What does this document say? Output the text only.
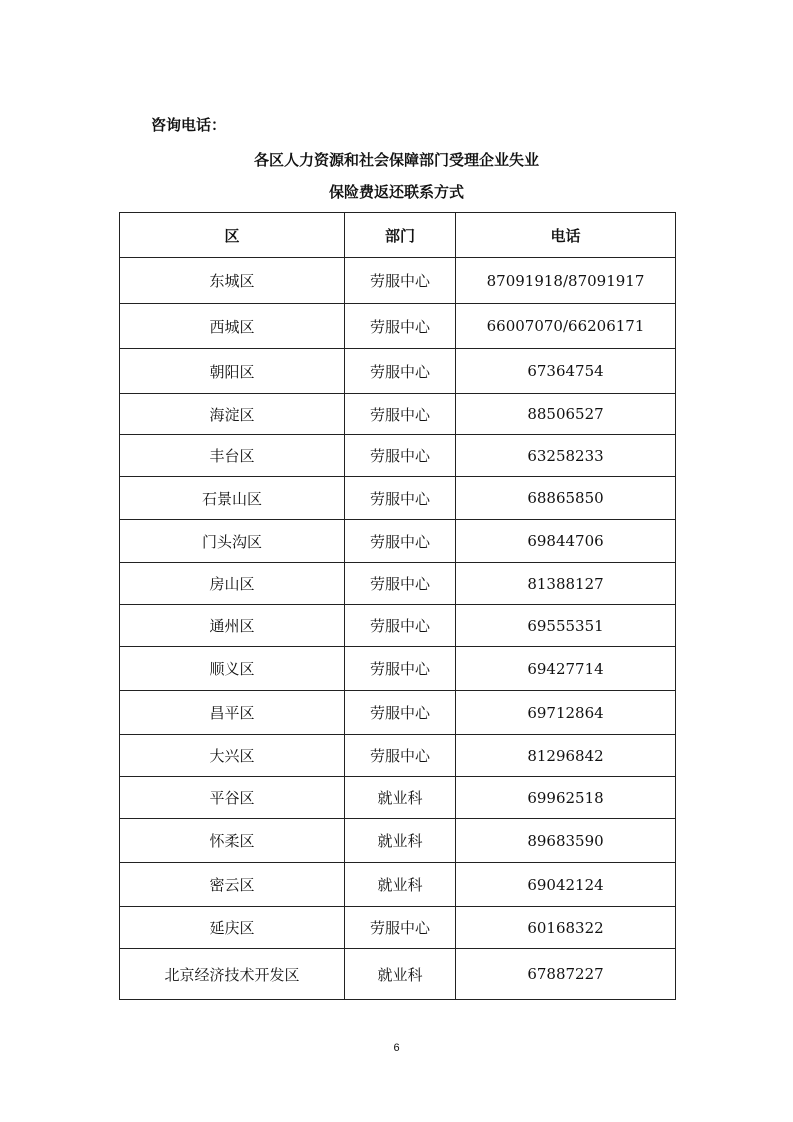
咨询电话：
各区人力资源和社会保障部门受理企业失业
保险费返还联系方式
区	部门	电话
东城区	劳服中心	87091918/87091917
西城区	劳服中心	66007070/66206171
朝阳区	劳服中心	67364754
海淀区	劳服中心	88506527
丰台区	劳服中心	63258233
石景山区	劳服中心	68865850
门头沟区	劳服中心	69844706
房山区	劳服中心	81388127
通州区	劳服中心	69555351
顺义区	劳服中心	69427714
昌平区	劳服中心	69712864
大兴区	劳服中心	81296842
平谷区	就业科	69962518
怀柔区	就业科	89683590
密云区	就业科	69042124
延庆区	劳服中心	60168322
北京经济技术开发区	就业科	67887227
6
